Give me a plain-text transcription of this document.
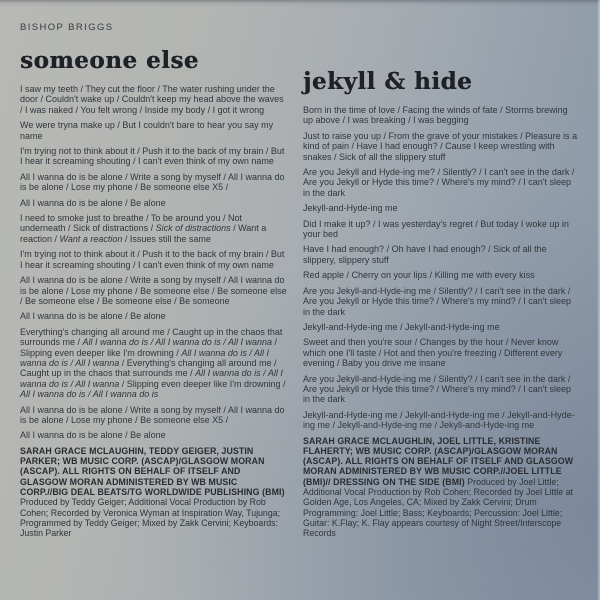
BISHOP BRIGGS

someone else

I saw my teeth / They cut the floor / The water rushing under the door / Couldn't wake up / Couldn't keep my head above the waves / I was naked / You felt wrong / Inside my body / I got it wrong

We were tryna make up / But I couldn't bare to hear you say my name

I'm trying not to think about it / Push it to the back of my brain / But I hear it screaming shouting / I can't even think of my own name

All I wanna do is be alone / Write a song by myself / All I wanna do is be alone / Lose my phone / Be someone else X5 /

All I wanna do is be alone / Be alone

I need to smoke just to breathe / To be around you / Not underneath / Sick of distractions / Sick of distractions / Want a reaction / Want a reaction / Issues still the same

I'm trying not to think about it / Push it to the back of my brain / But I hear it screaming shouting / I can't even think of my own name

All I wanna do is be alone / Write a song by myself / All I wanna do is be alone / Lose my phone / Be someone else / Be someone else / Be someone else / Be someone else / Be someone

All I wanna do is be alone / Be alone

Everything's changing all around me / Caught up in the chaos that surrounds me / All I wanna do is / All I wanna do is / All I wanna / Slipping even deeper like I'm drowning / All I wanna do is / All I wanna do is / All I wanna / Everything's changing all around me / Caught up in the chaos that surrounds me / All I wanna do is / All I wanna do is / All I wanna / Slipping even deeper like I'm drowning / All I wanna do is / All I wanna do is

All I wanna do is be alone / Write a song by myself / All I wanna do is be alone / Lose my phone / Be someone else X5 /

All I wanna do is be alone / Be alone

SARAH GRACE MCLAUGHIN, TEDDY GEIGER, JUSTIN PARKER; WB MUSIC CORP. (ASCAP)/GLASGOW MORAN (ASCAP). ALL RIGHTS ON BEHALF OF ITSELF AND GLASGOW MORAN ADMINISTERED BY WB MUSIC CORP.//BIG DEAL BEATS/TG WORLDWIDE PUBLISHING (BMI) Produced by Teddy Geiger; Additional Vocal Production by Rob Cohen; Recorded by Veronica Wyman at Inspiration Way, Tujunga; Programmed by Teddy Geiger; Mixed by Zakk Cervini; Keyboards: Justin Parker

jekyll & hide

Born in the time of love / Facing the winds of fate / Storms brewing up above / I was breaking / I was begging

Just to raise you up / From the grave of your mistakes / Pleasure is a kind of pain / Have I had enough? / Cause I keep wrestling with snakes / Sick of all the slippery stuff

Are you Jekyll and Hyde-ing me? / Silently? / I can't see in the dark / Are you Jekyll or Hyde this time? / Where's my mind? / I can't sleep in the dark

Jekyll-and-Hyde-ing me

Did I make it up? / I was yesterday's regret / But today I woke up in your bed

Have I had enough? / Oh have I had enough? / Sick of all the slippery, slippery stuff

Red apple / Cherry on your lips / Killing me with every kiss

Are you Jekyll-and-Hyde-ing me / Silently? / I can't see in the dark / Are you Jekyll or Hyde this time? / Where's my mind? / I can't sleep in the dark

Jekyll-and-Hyde-ing me / Jekyll-and-Hyde-ing me

Sweet and then you're sour / Changes by the hour / Never know which one I'll taste / Hot and then you're freezing / Different every evening / Baby you drive me insane

Are you Jekyll-and-Hyde-ing me / Silently? / I can't see in the dark / Are you Jekyll or Hyde this time? / Where's my mind? / I can't sleep in the dark

Jekyll-and-Hyde-ing me / Jekyll-and-Hyde-ing me / Jekyll-and-Hyde-ing me / Jekyll-and-Hyde-ing me / Jekyll-and-Hyde-ing me

SARAH GRACE MCLAUGHLIN, JOEL LITTLE, KRISTINE FLAHERTY; WB MUSIC CORP. (ASCAP)/GLASGOW MORAN (ASCAP). ALL RIGHTS ON BEHALF OF ITSELF AND GLASGOW MORAN ADMINISTERED BY WB MUSIC CORP.//JOEL LITTLE (BMI)// DRESSING ON THE SIDE (BMI) Produced by Joel Little; Additional Vocal Production by Rob Cohen; Recorded by Joel Little at Golden Age, Los Angeles, CA; Mixed by Zakk Cervini; Drum Programming: Joel Little; Bass; Keyboards; Percussion: Joel Little; Guitar: K.Flay; K. Flay appears courtesy of Night Street/Interscope Records
